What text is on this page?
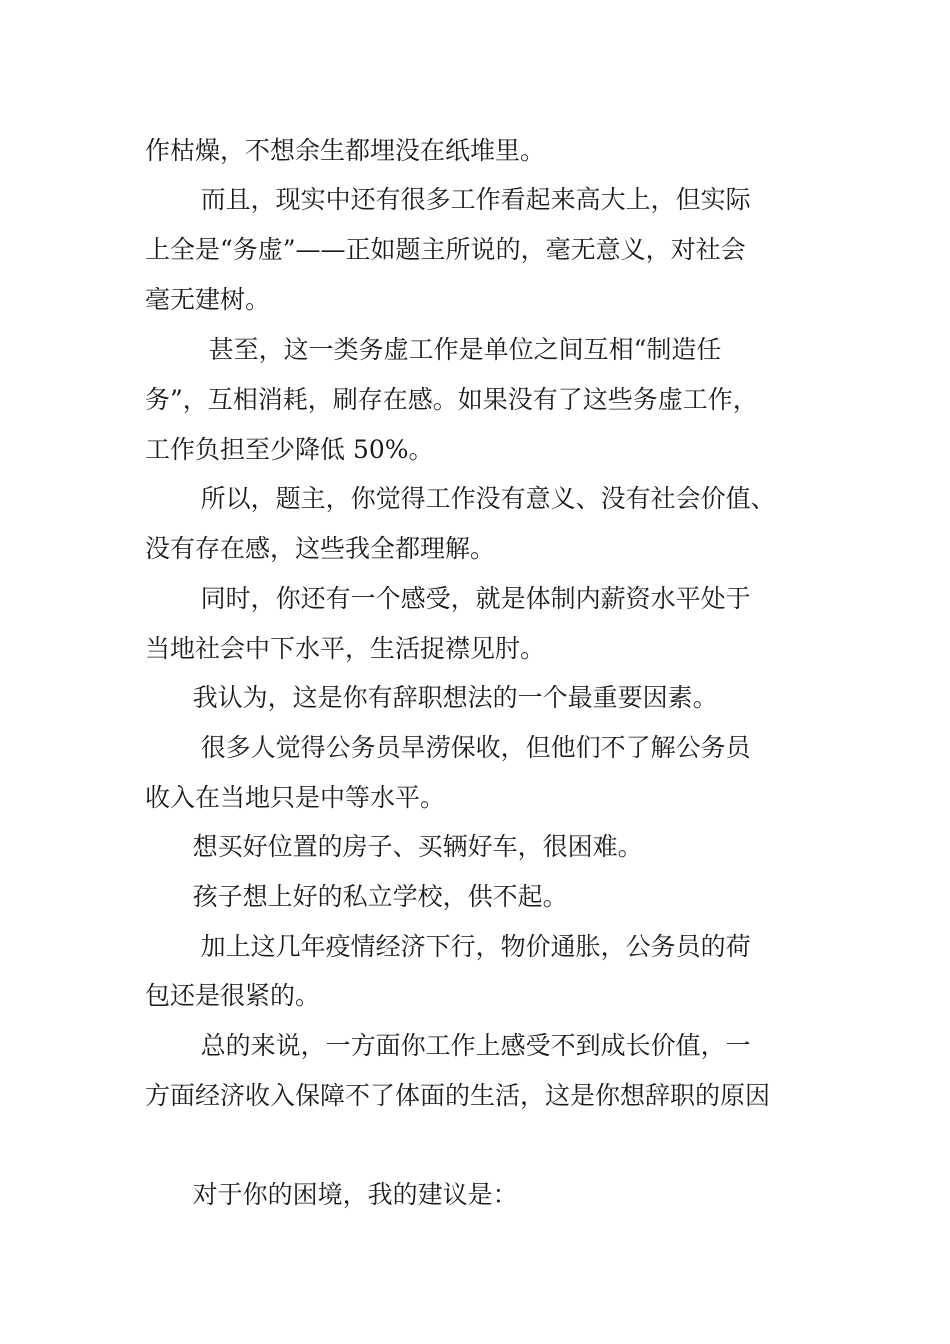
作枯燥，不想余生都埋没在纸堆里。

而且，现实中还有很多工作看起来高大上，但实际

上全是“务虚”——正如题主所说的，毫无意义，对社会

毫无建树。

甚至，这一类务虚工作是单位之间互相“制造任

务”，互相消耗，刷存在感。如果没有了这些务虚工作，

工作负担至少降低 50%。

所以，题主，你觉得工作没有意义、没有社会价值、

没有存在感，这些我全都理解。

同时，你还有一个感受，就是体制内薪资水平处于

当地社会中下水平，生活捉襟见肘。

我认为，这是你有辞职想法的一个最重要因素。

很多人觉得公务员旱涝保收，但他们不了解公务员

收入在当地只是中等水平。

想买好位置的房子、买辆好车，很困难。

孩子想上好的私立学校，供不起。

加上这几年疫情经济下行，物价通胀，公务员的荷

包还是很紧的。

总的来说，一方面你工作上感受不到成长价值，一

方面经济收入保障不了体面的生活，这是你想辞职的原因

对于你的困境，我的建议是：
